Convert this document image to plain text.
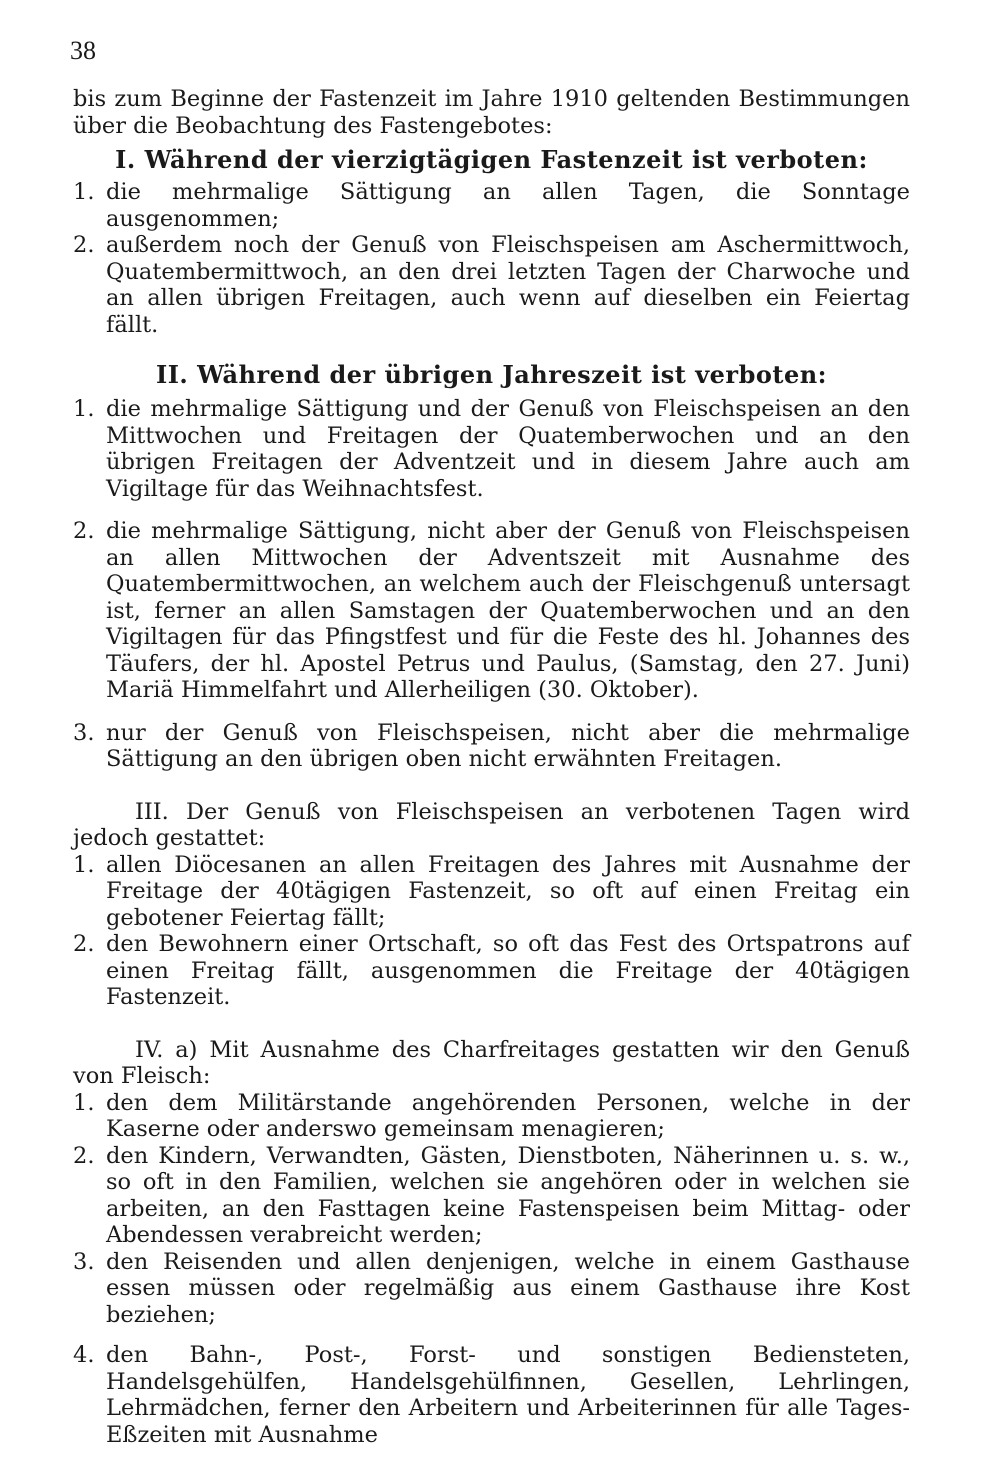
38

bis zum Beginne der Fastenzeit im Jahre 1910 geltenden Bestimmungen über die Beobachtung des Fastengebotes:

I. Während der vierzigtägigen Fastenzeit ist verboten:

1. die mehrmalige Sättigung an allen Tagen, die Sonntage ausgenommen;
2. außerdem noch der Genuß von Fleischspeisen am Aschermittwoch, Quatembermittwoch, an den drei letzten Tagen der Charwoche und an allen übrigen Freitagen, auch wenn auf dieselben ein Feiertag fällt.

II. Während der übrigen Jahreszeit ist verboten:

1. die mehrmalige Sättigung und der Genuß von Fleischspeisen an den Mittwochen und Freitagen der Quatemberwochen und an den übrigen Freitagen der Adventzeit und in diesem Jahre auch am Vigiltage für das Weihnachtsfest.
2. die mehrmalige Sättigung, nicht aber der Genuß von Fleischspeisen an allen Mittwochen der Adventszeit mit Ausnahme des Quatembermittwochen, an welchem auch der Fleischgenuß untersagt ist, ferner an allen Samstagen der Quatemberwochen und an den Vigiltagen für das Pfingstfest und für die Feste des hl. Johannes des Täufers, der hl. Apostel Petrus und Paulus, (Samstag, den 27. Juni) Mariä Himmelfahrt und Allerheiligen (30. Oktober).
3. nur der Genuß von Fleischspeisen, nicht aber die mehrmalige Sättigung an den übrigen oben nicht erwähnten Freitagen.

III. Der Genuß von Fleischspeisen an verbotenen Tagen wird jedoch gestattet:

1. allen Diöcesanen an allen Freitagen des Jahres mit Ausnahme der Freitage der 40tägigen Fastenzeit, so oft auf einen Freitag ein gebotener Feiertag fällt;
2. den Bewohnern einer Ortschaft, so oft das Fest des Ortspatrons auf einen Freitag fällt, ausgenommen die Freitage der 40tägigen Fastenzeit.

IV. a) Mit Ausnahme des Charfreitages gestatten wir den Genuß von Fleisch:

1. den dem Militärstande angehörenden Personen, welche in der Kaserne oder anderswo gemeinsam menagieren;
2. den Kindern, Verwandten, Gästen, Dienstboten, Näherinnen u. s. w., so oft in den Familien, welchen sie angehören oder in welchen sie arbeiten, an den Fasttagen keine Fastenspeisen beim Mittag- oder Abendessen verabreicht werden;
3. den Reisenden und allen denjenigen, welche in einem Gasthause essen müssen oder regelmäßig aus einem Gasthause ihre Kost beziehen;
4. den Bahn-, Post-, Forst- und sonstigen Bediensteten, Handelsgehülfen, Handelsgehülfinnen, Gesellen, Lehrlingen, Lehrmädchen, ferner den Arbeitern und Arbeiterinnen für alle Tages-Eßzeiten mit Ausnahme
